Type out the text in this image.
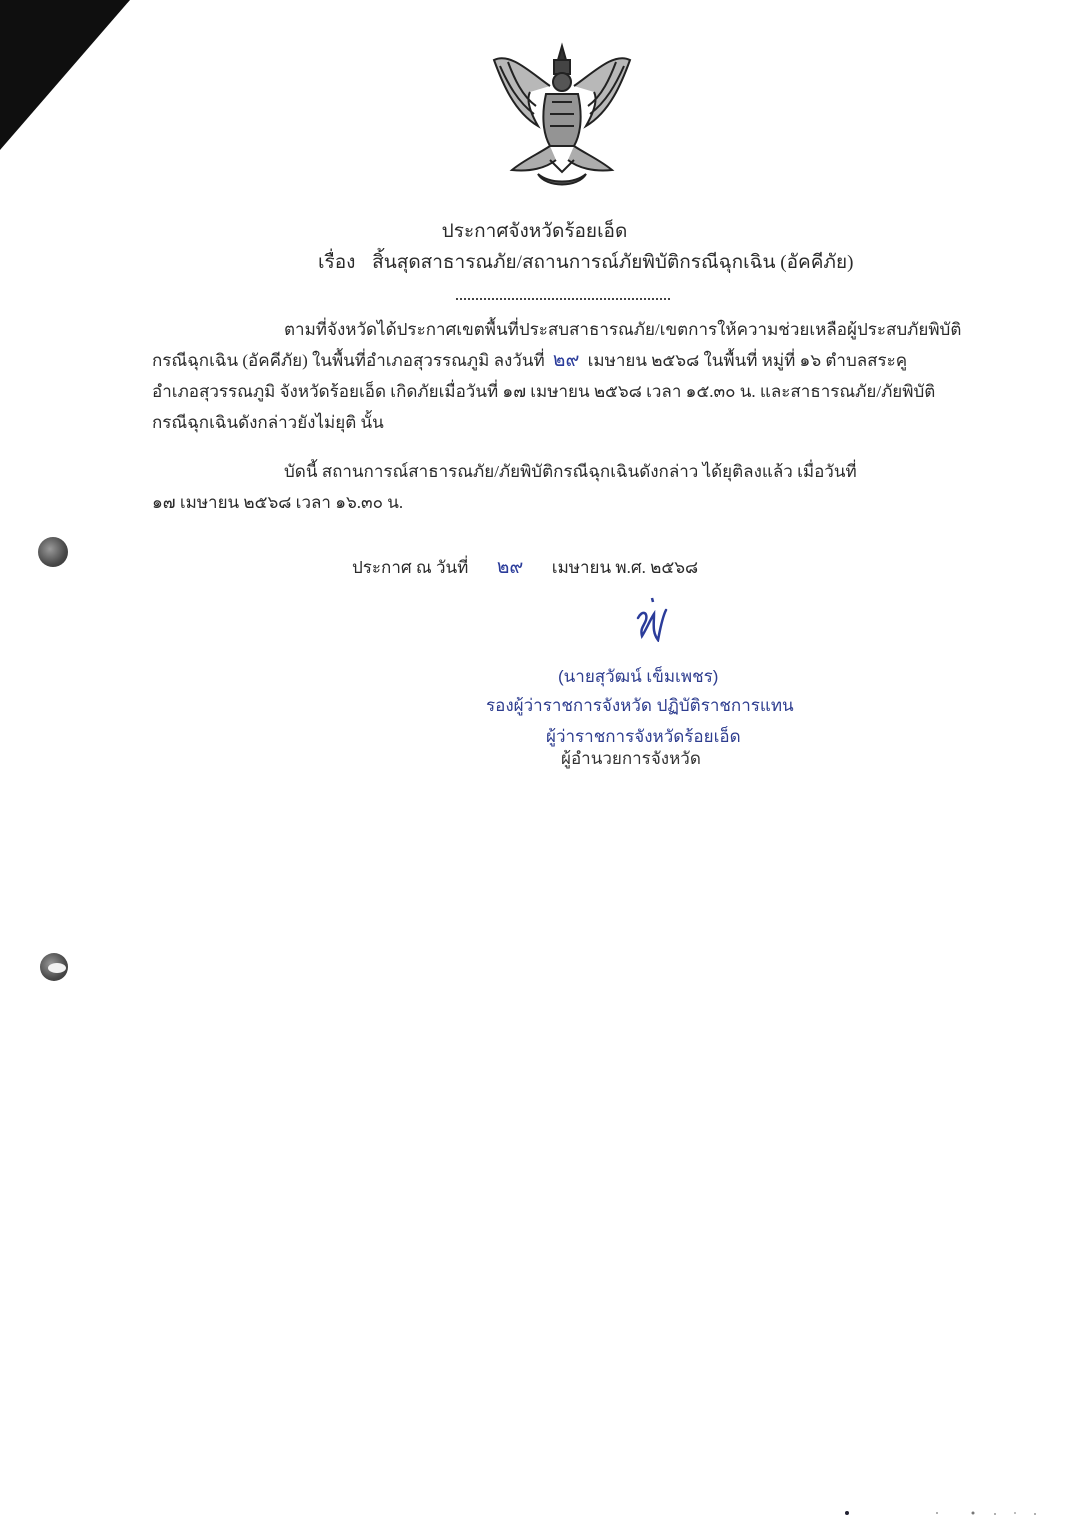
ประกาศจังหวัดร้อยเอ็ด
เรื่อง สิ้นสุดสาธารณภัย/สถานการณ์ภัยพิบัติกรณีฉุกเฉิน (อัคคีภัย)
ตามที่จังหวัดได้ประกาศเขตพื้นที่ประสบสาธารณภัย/เขตการให้ความช่วยเหลือผู้ประสบภัยพิบัติ
กรณีฉุกเฉิน (อัคคีภัย) ในพื้นที่อำเภอสุวรรณภูมิ ลงวันที่ ๒๙ เมษายน ๒๕๖๘ ในพื้นที่ หมู่ที่ ๑๖ ตำบลสระคู
อำเภอสุวรรณภูมิ จังหวัดร้อยเอ็ด เกิดภัยเมื่อวันที่ ๑๗ เมษายน ๒๕๖๘ เวลา ๑๕.๓๐ น. และสาธารณภัย/ภัยพิบัติ
กรณีฉุกเฉินดังกล่าวยังไม่ยุติ นั้น
บัดนี้ สถานการณ์สาธารณภัย/ภัยพิบัติกรณีฉุกเฉินดังกล่าว ได้ยุติลงแล้ว เมื่อวันที่
๑๗ เมษายน ๒๕๖๘ เวลา ๑๖.๓๐ น.
ประกาศ ณ วันที่ ๒๙ เมษายน พ.ศ. ๒๕๖๘
(นายสุวัฒน์ เข็มเพชร)
รองผู้ว่าราชการจังหวัด ปฏิบัติราชการแทน
ผู้ว่าราชการจังหวัดร้อยเอ็ด
ผู้อำนวยการจังหวัด
